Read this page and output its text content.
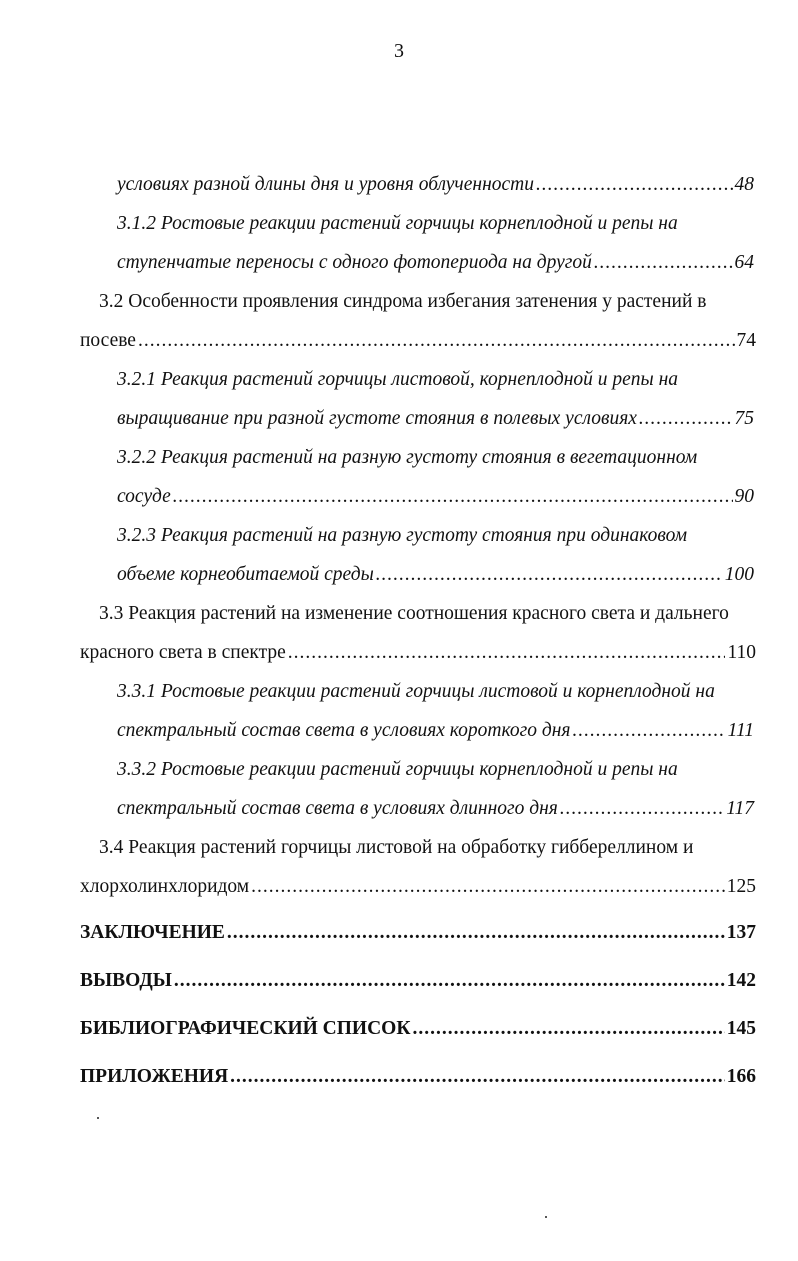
3
условиях разной длины дня и уровня облученности .....	48
3.1.2 Ростовые реакции растений горчицы корнеплодной и репы на
ступенчатые переносы с одного фотопериода на другой .....	64
3.2 Особенности проявления синдрома избегания затенения у растений в
посеве .....	74
3.2.1 Реакция растений горчицы листовой, корнеплодной и репы на
выращивание при разной густоте стояния в полевых условиях .....	75
3.2.2 Реакция растений на разную густоту стояния в вегетационном
сосуде .....	90
3.2.3 Реакция растений на разную густоту стояния при одинаковом
объеме корнеобитаемой среды .....	100
3.3 Реакция растений на изменение соотношения красного света и дальнего
красного света в спектре .....	110
3.3.1 Ростовые реакции растений горчицы листовой и корнеплодной на
спектральный состав света в условиях короткого дня .....	111
3.3.2 Ростовые реакции растений горчицы корнеплодной и репы на
спектральный состав света в условиях длинного дня .....	117
3.4 Реакция растений горчицы листовой на обработку гиббереллином и
хлорхолинхлоридом .....	125
ЗАКЛЮЧЕНИЕ .....	137
ВЫВОДЫ .....	142
БИБЛИОГРАФИЧЕСКИЙ СПИСОК .....	145
ПРИЛОЖЕНИЯ .....	166
